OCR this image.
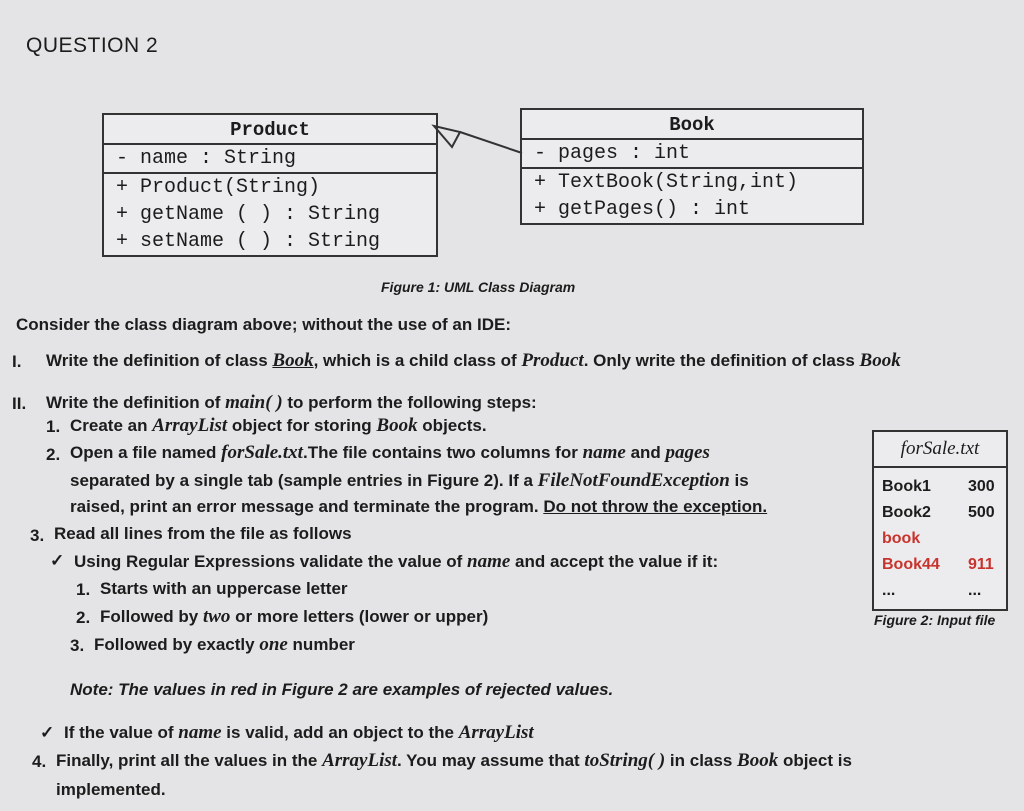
QUESTION 2
Product
- name : String
+ Product(String)
+ getName ( ) : String
+ setName ( ) : String
Book
- pages : int
+ TextBook(String,int)
+ getPages() : int
Figure 1: UML Class Diagram
Consider the class diagram above; without the use of an IDE:
I. Write the definition of class Book, which is a child class of Product. Only write the definition of class Book
II. Write the definition of main( ) to perform the following steps:
1. Create an ArrayList object for storing Book objects.
2. Open a file named forSale.txt.The file contains two columns for name and pages
separated by a single tab (sample entries in Figure 2). If a FileNotFoundException is
raised, print an error message and terminate the program. Do not throw the exception.
3. Read all lines from the file as follows
✓ Using Regular Expressions validate the value of name and accept the value if it:
1. Starts with an uppercase letter
2. Followed by two or more letters (lower or upper)
3. Followed by exactly one number
Note: The values in red in Figure 2 are examples of rejected values.
✓ If the value of name is valid, add an object to the ArrayList
4. Finally, print all the values in the ArrayList. You may assume that toString( ) in class Book object is
implemented.
forSale.txt
Book1 300
Book2 500
book
Book44 911
...	...
Figure 2: Input file
